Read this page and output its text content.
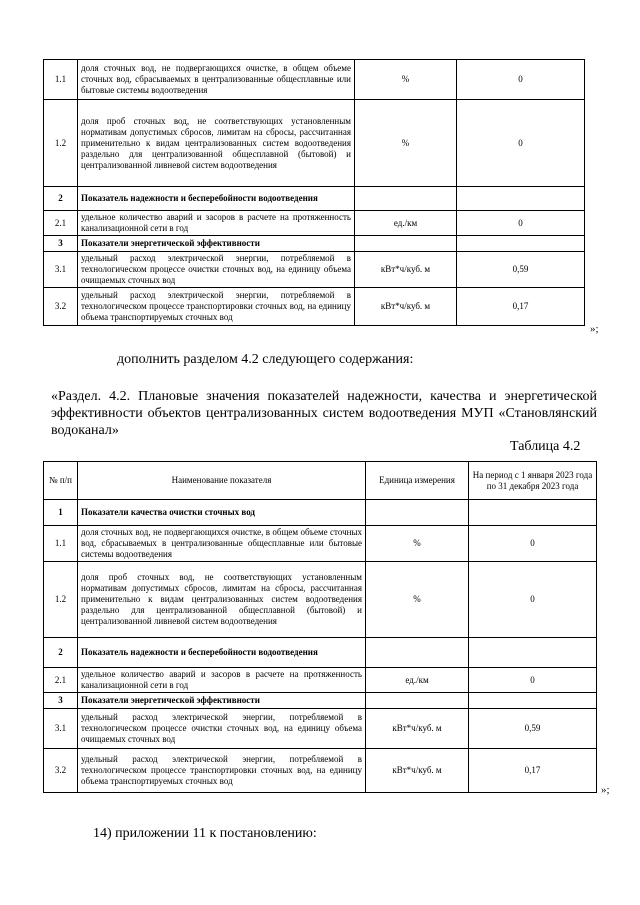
1.1	доля сточных вод, не подвергающихся очистке, в общем объеме сточных вод, сбрасываемых в централизованные общесплавные или бытовые системы водоотведения	%	0
1.2	доля проб сточных вод, не соответствующих установленным нормативам допустимых сбросов, лимитам на сбросы, рассчитанная применительно к видам централизованных систем водоотведения раздельно для централизованной общесплавной (бытовой) и централизованной ливневой систем водоотведения	%	0
2	Показатель надежности и бесперебойности водоотведения		
2.1	удельное количество аварий и засоров в расчете на протяженность канализационной сети в год	ед./км	0
3	Показатели энергетической эффективности		
3.1	удельный расход электрической энергии, потребляемой в технологическом процессе очистки сточных вод, на единицу объема очищаемых сточных вод	кВт*ч/куб. м	0,59
3.2	удельный расход электрической энергии, потребляемой в технологическом процессе транспортировки сточных вод, на единицу объема транспортируемых сточных вод	кВт*ч/куб. м	0,17
»;
дополнить разделом 4.2 следующего содержания:
«Раздел. 4.2. Плановые значения показателей надежности, качества и энергетической эффективности объектов централизованных систем водоотведения МУП «Становлянский водоканал»
Таблица 4.2
№ п/п	Наименование показателя	Единица измерения	На период с 1 января 2023 года по 31 декабря 2023 года
1	Показатели качества очистки сточных вод		
1.1	доля сточных вод, не подвергающихся очистке, в общем объеме сточных вод, сбрасываемых в централизованные общесплавные или бытовые системы водоотведения	%	0
1.2	доля проб сточных вод, не соответствующих установленным нормативам допустимых сбросов, лимитам на сбросы, рассчитанная применительно к видам централизованных систем водоотведения раздельно для централизованной общесплавной (бытовой) и централизованной ливневой систем водоотведения	%	0
2	Показатель надежности и бесперебойности водоотведения		
2.1	удельное количество аварий и засоров в расчете на протяженность канализационной сети в год	ед./км	0
3	Показатели энергетической эффективности		
3.1	удельный расход электрической энергии, потребляемой в технологическом процессе очистки сточных вод, на единицу объема очищаемых сточных вод	кВт*ч/куб. м	0,59
3.2	удельный расход электрической энергии, потребляемой в технологическом процессе транспортировки сточных вод, на единицу объема транспортируемых сточных вод	кВт*ч/куб. м	0,17
»;
14) приложении 11 к постановлению:
